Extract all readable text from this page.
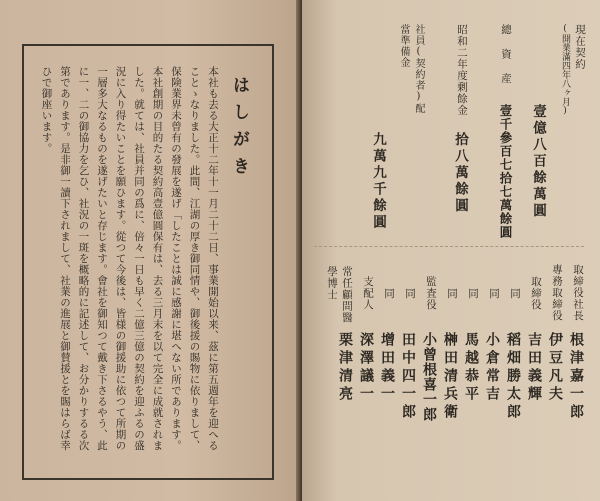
はしがき
本社も去る大正十二年十一月二十二日、事業開始以来、茲に第五週年を迎へることゝなりました。此間、江湖の厚き御同情や、御後援の賜物に依りまして、保険業界未曾有の發展を遂げ「したことは誠に感謝に堪へない所であります。本社創期の目的たる契約高壹億圓保有は、去る三月末を以て完全に成就されました。就ては、社員并同の爲に、倍々一日も早く二億三億の契約を迎ふるの盛況に入り得たいことを願ひます。從つて今後は、皆様の御援助に依つて所期の一層多大なるものを遂げたいと存じます。會社を御知つて戴き下さるやう、此に一、二の御協力を乞ひ、社況の一斑を概略的に記述して、お分かりするる次第であります。是非御一讀下されまして、社業の進展と御賛援とを賜はらば幸ひで御座います。
現在契約
(開業滿四年八ヶ月)
壹億八百餘萬圓
總資産
壹千參百七拾七萬餘圓
昭和二年度剰餘金
拾八萬餘圓
社員(契約者)配當準備金
九萬九千餘圓
取締役社長
根津嘉一郎
專務取締役
伊豆凡夫
取締役
吉田義輝
同
稻畑勝太郎
同
小倉常吉
同
馬越恭平
同
榊田清兵衛
監査役
小曾根喜一郎
同
田中四一郎
同
增田義一
支配人
深澤議一
常任顧問醫學博士
栗津清亮
